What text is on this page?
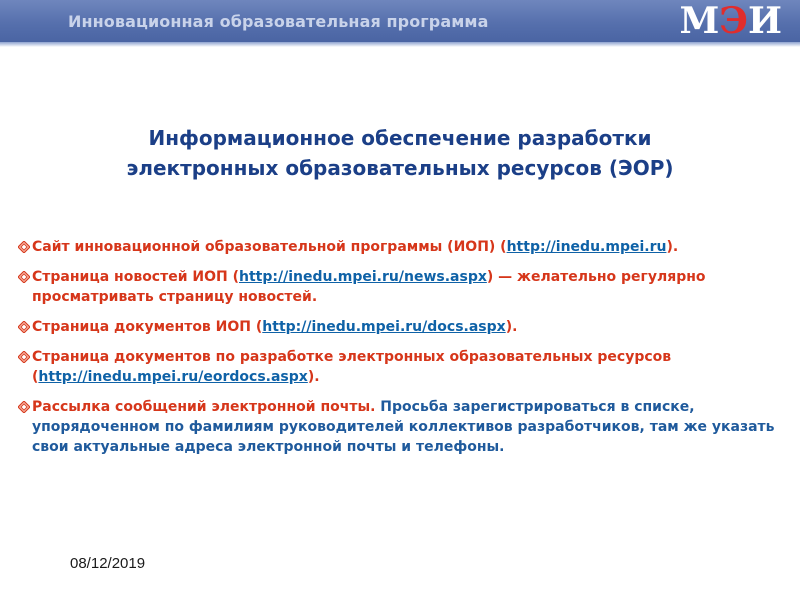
Инновационная образовательная программа	М Э И
Информационное обеспечение разработки
электронных образовательных ресурсов (ЭОР)
Сайт инновационной образовательной программы (ИОП) (http://inedu.mpei.ru).
Страница новостей ИОП (http://inedu.mpei.ru/news.aspx) — желательно регулярно просматривать страницу новостей.
Страница документов ИОП (http://inedu.mpei.ru/docs.aspx).
Страница документов по разработке электронных образовательных ресурсов (http://inedu.mpei.ru/eordocs.aspx).
Рассылка сообщений электронной почты. Просьба зарегистрироваться в списке, упорядоченном по фамилиям руководителей коллективов разработчиков, там же указать свои актуальные адреса электронной почты и телефоны.
08/12/2019
